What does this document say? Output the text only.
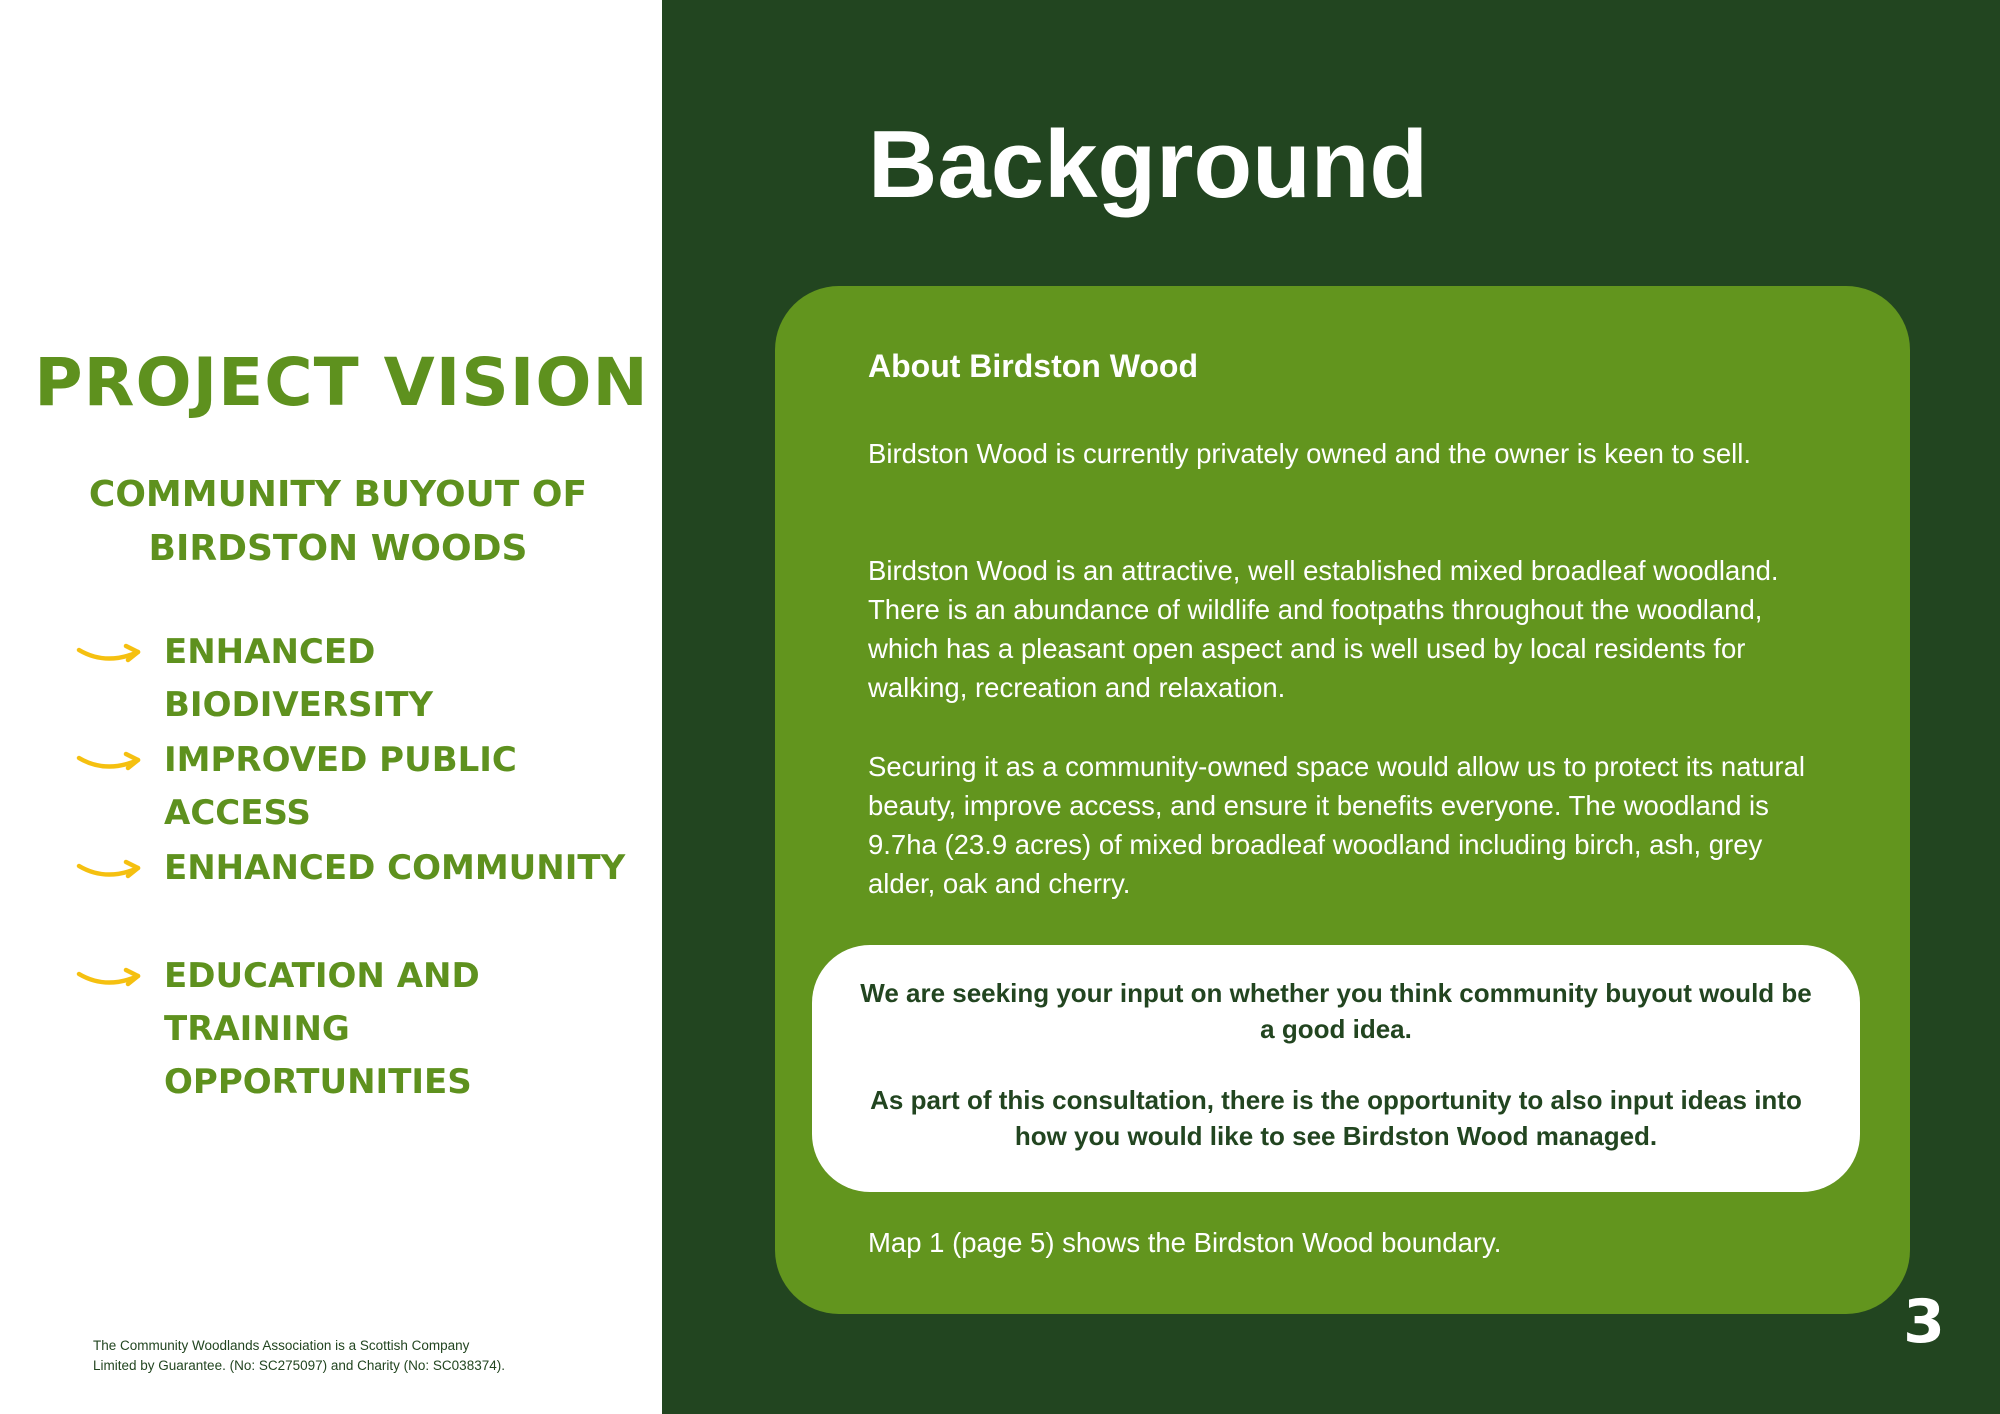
PROJECT VISION
COMMUNITY BUYOUT OF
BIRDSTON WOODS
ENHANCED BIODIVERSITY
IMPROVED PUBLIC ACCESS
ENHANCED COMMUNITY
EDUCATION AND TRAINING
OPPORTUNITIES

The Community Woodlands Association is a Scottish Company
Limited by Guarantee. (No: SC275097) and Charity (No: SC038374).

Background
About Birdston Wood

Birdston Wood is currently privately owned and the owner is keen to sell.

Birdston Wood is an attractive, well established mixed broadleaf woodland. There is an abundance of wildlife and footpaths throughout the woodland, which has a pleasant open aspect and is well used by local residents for walking, recreation and relaxation.

Securing it as a community-owned space would allow us to protect its natural beauty, improve access, and ensure it benefits everyone. The woodland is 9.7ha (23.9 acres) of mixed broadleaf woodland including birch, ash, grey alder, oak and cherry.

We are seeking your input on whether you think community buyout would be a good idea.

As part of this consultation, there is the opportunity to also input ideas into how you would like to see Birdston Wood managed.

Map 1 (page 5) shows the Birdston Wood boundary.

3
